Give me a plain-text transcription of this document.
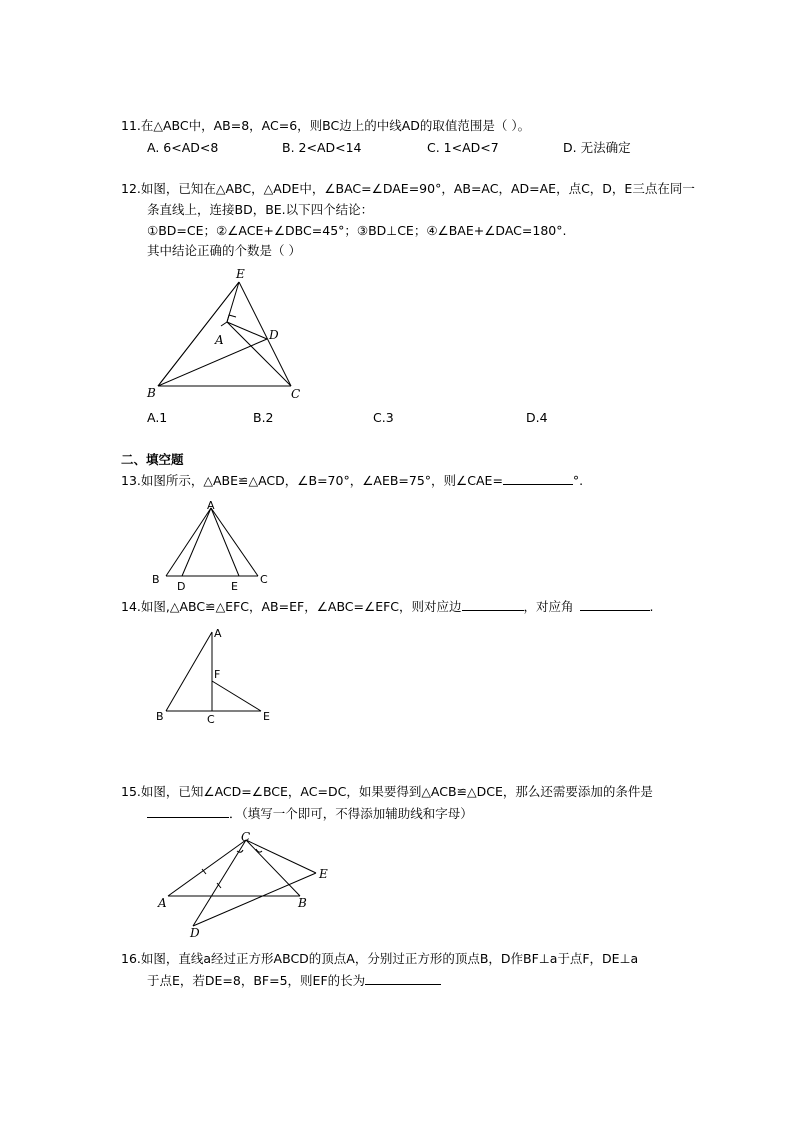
11.在△ABC中，AB=8，AC=6，则BC边上的中线AD的取值范围是（ ）。
A. 6<AD<8	B. 2<AD<14	C. 1<AD<7	D. 无法确定
12.如图，已知在△ABC，△ADE中，∠BAC=∠DAE=90°，AB=AC，AD=AE，点C，D，E三点在同一
条直线上，连接BD，BE.以下四个结论：
①BD=CE；②∠ACE+∠DBC=45°；③BD⊥CE；④∠BAE+∠DAC=180°.
其中结论正确的个数是（ ）
E
D
A
B	C
A.1	B.2	C.3	D.4
二、填空题
13.如图所示，△ABE≌△ACD，∠B=70°，∠AEB=75°，则∠CAE=	°.
A
B
D	E
C
14.如图,△ABC≌△EFC，AB=EF，∠ABC=∠EFC，则对应边	，对应角	.
A
F
B	C	E
15.如图，已知∠ACD=∠BCE，AC=DC，如果要得到△ACB≌△DCE，那么还需要添加的条件是
．（填写一个即可，不得添加辅助线和字母）
C
E
A	B
D
16.如图，直线a经过正方形ABCD的顶点A，分别过正方形的顶点B，D作BF⊥a于点F，DE⊥a
于点E，若DE=8，BF=5，则EF的长为
